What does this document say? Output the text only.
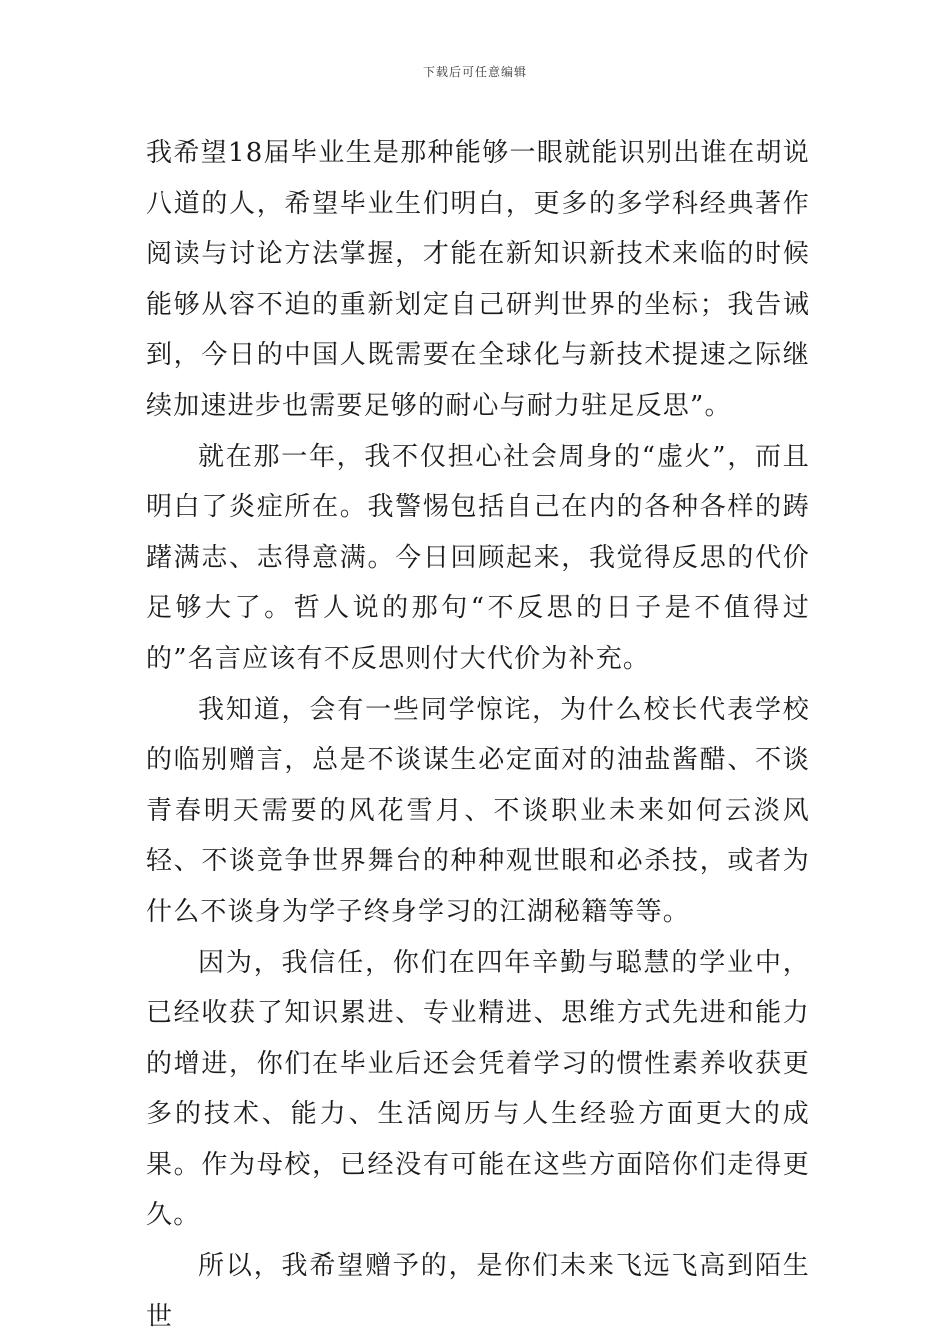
下载后可任意编辑

我希望18届毕业生是那种能够一眼就能识别出谁在胡说八道的人，希望毕业生们明白，更多的多学科经典著作阅读与讨论方法掌握，才能在新知识新技术来临的时候能够从容不迫的重新划定自己研判世界的坐标；我告诫到，今日的中国人既需要在全球化与新技术提速之际继续加速进步也需要足够的耐心与耐力驻足反思”。

就在那一年，我不仅担心社会周身的“虚火”，而且明白了炎症所在。我警惕包括自己在内的各种各样的踌躇满志、志得意满。今日回顾起来，我觉得反思的代价足够大了。哲人说的那句“不反思的日子是不值得过的”名言应该有不反思则付大代价为补充。

我知道，会有一些同学惊诧，为什么校长代表学校的临别赠言，总是不谈谋生必定面对的油盐酱醋、不谈青春明天需要的风花雪月、不谈职业未来如何云淡风轻、不谈竞争世界舞台的种种观世眼和必杀技，或者为什么不谈身为学子终身学习的江湖秘籍等等。

因为，我信任，你们在四年辛勤与聪慧的学业中，已经收获了知识累进、专业精进、思维方式先进和能力的增进，你们在毕业后还会凭着学习的惯性素养收获更多的技术、能力、生活阅历与人生经验方面更大的成果。作为母校，已经没有可能在这些方面陪你们走得更久。

所以，我希望赠予的，是你们未来飞远飞高到陌生世
